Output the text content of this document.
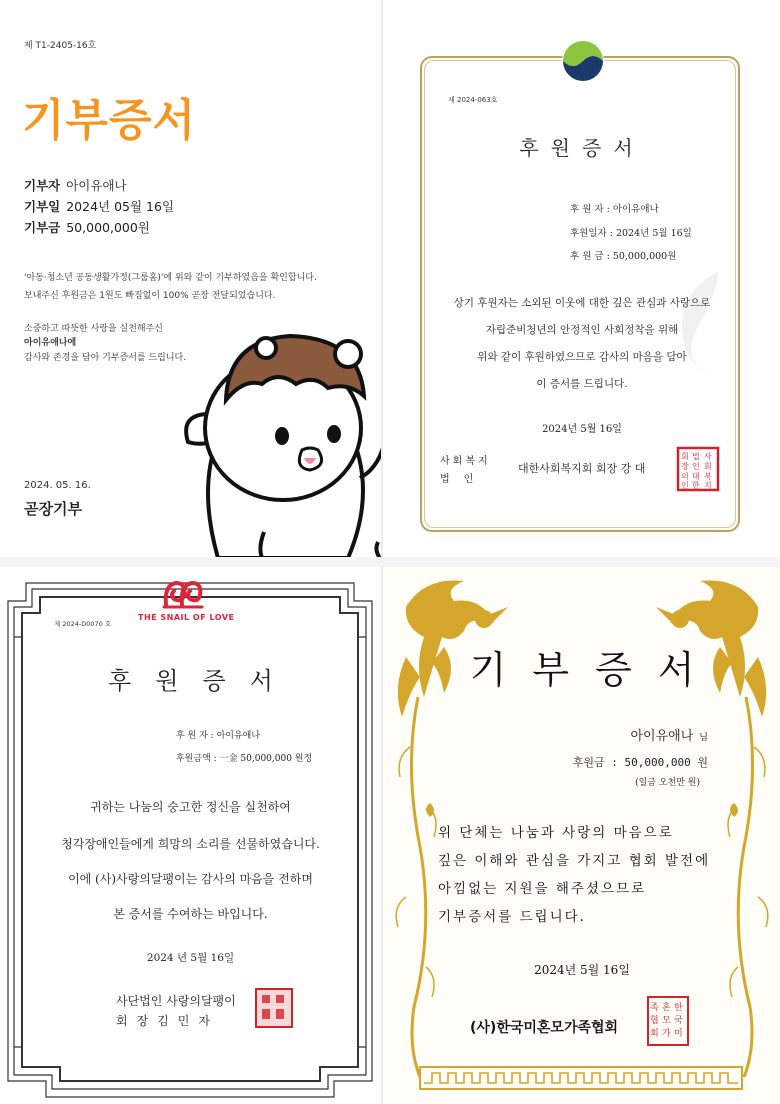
제 T1-2405-16호
기부증서
기부자 아이유애나
기부일 2024년 05월 16일
기부금 50,000,000원
'아동·청소년 공동생활가정(그룹홈)'에 위와 같이 기부하였음을 확인합니다.
보내주신 후원금은 1원도 빠짐없이 100% 곧장 전달되었습니다.
소중하고 따뜻한 사랑을 실천해주신
아이유애나에
감사와 존경을 담아 기부증서를 드립니다.
2024. 05. 16.
곧장기부
제 2024-063호
후원증서
후 원 자 : 아이유애나
후원일자 : 2024년 5월 16일
후 원 금 : 50,000,000원
상기 후원자는 소외된 이웃에 대한 깊은 관심과 사랑으로
자립준비청년의 안정적인 사회정착을 위해
위와 같이 후원하였으므로 감사의 마음을 담아
이 증서를 드립니다.
2024년 5월 16일
사회복지
법인
대한사회복지회 회장 강 대
사
회
복
지
법
인
대
한
회
장
의
인
THE SNAIL OF LOVE
제 2024-D0070 호
후원증서
후 원 자 : 아이유애나
후원금액 : 一金 50,000,000 원정
귀하는 나눔의 숭고한 정신을 실천하여
청각장애인들에게 희망의 소리를 선물하였습니다.
이에 (사)사랑의달팽이는 감사의 마음을 전하며
본 증서를 수여하는 바입니다.
2024 년 5월 16일
사단법인 사랑의달팽이
회장김민자
기부증서
아이유애나 님
후원금 : 50,000,000 원
(일금 오천만 원)
위 단체는 나눔과 사랑의 마음으로
깊은 이해와 관심을 가지고 협회 발전에
아낌없는 지원을 해주셨으므로
기부증서를 드립니다.
2024년 5월 16일
(사)한국미혼모가족협회
한
국
미
혼
모
가
족
협
회
